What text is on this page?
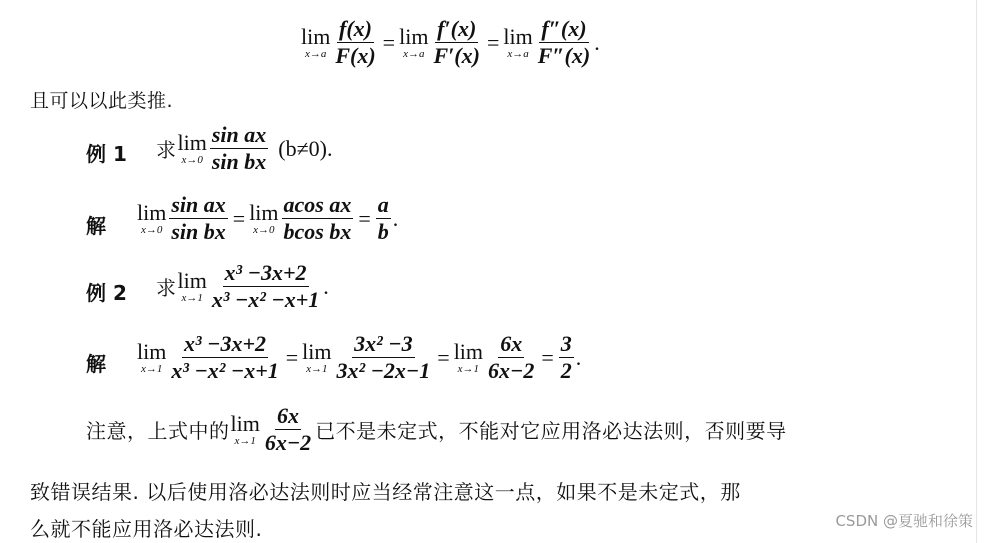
lim
$x\to a \frac{f(x)}{F(x)} = \lim$
$x\to a \frac{f'(x)}{F'(x)} = \lim$
$x\to a \frac{f''(x)}{F''(x)}$ .
且可以以此类推.
例 1 求 lim
$x\to 0 \frac{\text{sin ax}}{\text{sin bx}} (b\ne 0)$.
解
lim
$x\to 0 \frac{\text{sin ax}}{\text{sin bx}} = \lim$
$x\to 0 \frac{\text{acos ax}}{\text{bcos bx}} = \frac{a}{b}$ .
例 2 求 lim
$x\to 1 \frac{\text{x³ −3x+2}}{\text{x³ −x² −x+1}}$ .
解
lim
$x\to 1 \frac{\text{x³ −3x+2}}{\text{x³ −x² −x+1}} = \lim$
$x\to 1 \frac{\text{3x² −3}}{\text{3x² −2x−1}} = \lim$
$x\to 1 \frac{6x}{6x-2} = \frac{3}{2}$ .
注意，上式中的 lim
$x\to 1 \frac{6x}{6x-2}$ 已不是未定式，不能对它应用洛必达法则，否则要导
致错误结果. 以后使用洛必达法则时应当经常注意这一点，如果不是未定式，那
么就不能应用洛必达法则.	CSDN @夏驰和徐策
